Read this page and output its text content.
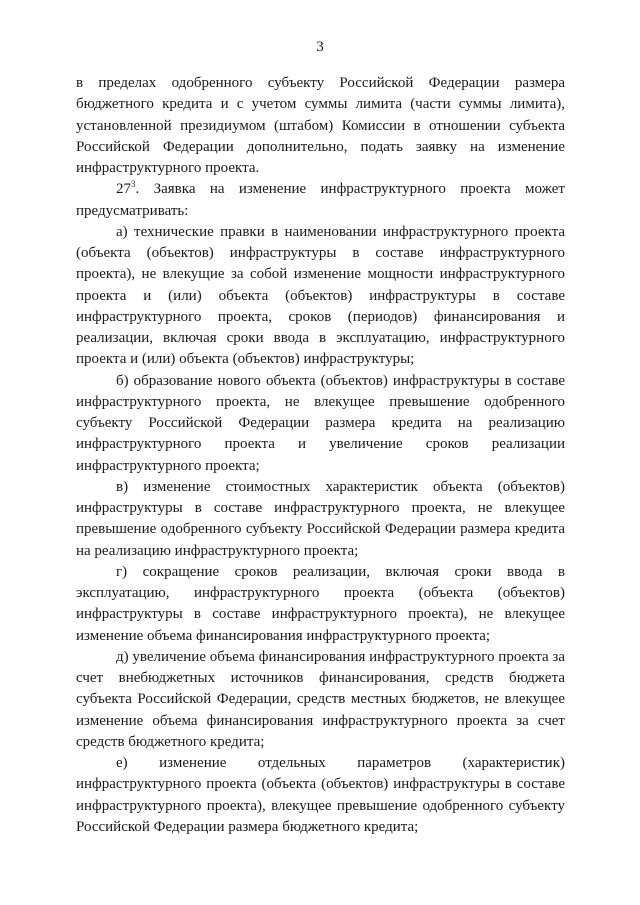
3

в пределах одобренного субъекту Российской Федерации размера бюджетного кредита и с учетом суммы лимита (части суммы лимита), установленной президиумом (штабом) Комиссии в отношении субъекта Российской Федерации дополнительно, подать заявку на изменение инфраструктурного проекта.

$27^3$. Заявка на изменение инфраструктурного проекта может предусматривать:

а) технические правки в наименовании инфраструктурного проекта (объекта (объектов) инфраструктуры в составе инфраструктурного проекта), не влекущие за собой изменение мощности инфраструктурного проекта и (или) объекта (объектов) инфраструктуры в составе инфраструктурного проекта, сроков (периодов) финансирования и реализации, включая сроки ввода в эксплуатацию, инфраструктурного проекта и (или) объекта (объектов) инфраструктуры;

б) образование нового объекта (объектов) инфраструктуры в составе инфраструктурного проекта, не влекущее превышение одобренного субъекту Российской Федерации размера кредита на реализацию инфраструктурного проекта и увеличение сроков реализации инфраструктурного проекта;

в) изменение стоимостных характеристик объекта (объектов) инфраструктуры в составе инфраструктурного проекта, не влекущее превышение одобренного субъекту Российской Федерации размера кредита на реализацию инфраструктурного проекта;

г) сокращение сроков реализации, включая сроки ввода в эксплуатацию, инфраструктурного проекта (объекта (объектов) инфраструктуры в составе инфраструктурного проекта), не влекущее изменение объема финансирования инфраструктурного проекта;

д) увеличение объема финансирования инфраструктурного проекта за счет внебюджетных источников финансирования, средств бюджета субъекта Российской Федерации, средств местных бюджетов, не влекущее изменение объема финансирования инфраструктурного проекта за счет средств бюджетного кредита;

е) изменение отдельных параметров (характеристик) инфраструктурного проекта (объекта (объектов) инфраструктуры в составе инфраструктурного проекта), влекущее превышение одобренного субъекту Российской Федерации размера бюджетного кредита;
